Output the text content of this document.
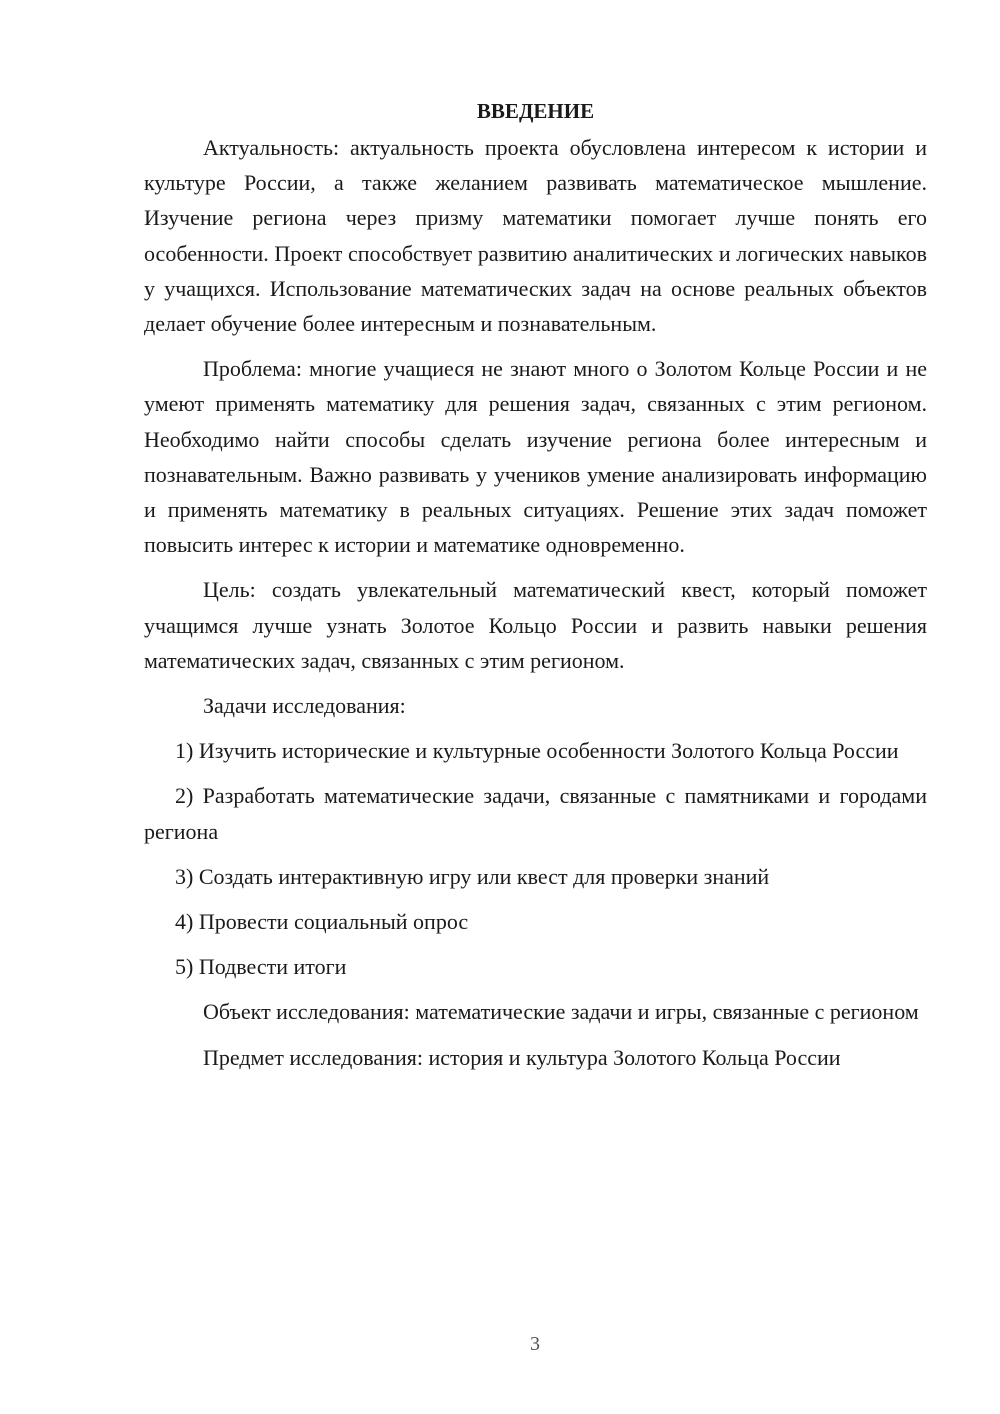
ВВЕДЕНИЕ

Актуальность: актуальность проекта обусловлена интересом к истории и культуре России, а также желанием развивать математическое мышление. Изучение региона через призму математики помогает лучше понять его особенности. Проект способствует развитию аналитических и логических навыков у учащихся. Использование математических задач на основе реальных объектов делает обучение более интересным и познавательным.

Проблема: многие учащиеся не знают много о Золотом Кольце России и не умеют применять математику для решения задач, связанных с этим регионом. Необходимо найти способы сделать изучение региона более интересным и познавательным. Важно развивать у учеников умение анализировать информацию и применять математику в реальных ситуациях. Решение этих задач поможет повысить интерес к истории и математике одновременно.

Цель: создать увлекательный математический квест, который поможет учащимся лучше узнать Золотое Кольцо России и развить навыки решения математических задач, связанных с этим регионом.

Задачи исследования:

1) Изучить исторические и культурные особенности Золотого Кольца России

2) Разработать математические задачи, связанные с памятниками и городами региона

3) Создать интерактивную игру или квест для проверки знаний

4) Провести социальный опрос

5) Подвести итоги

Объект исследования: математические задачи и игры, связанные с регионом

Предмет исследования: история и культура Золотого Кольца России

3
